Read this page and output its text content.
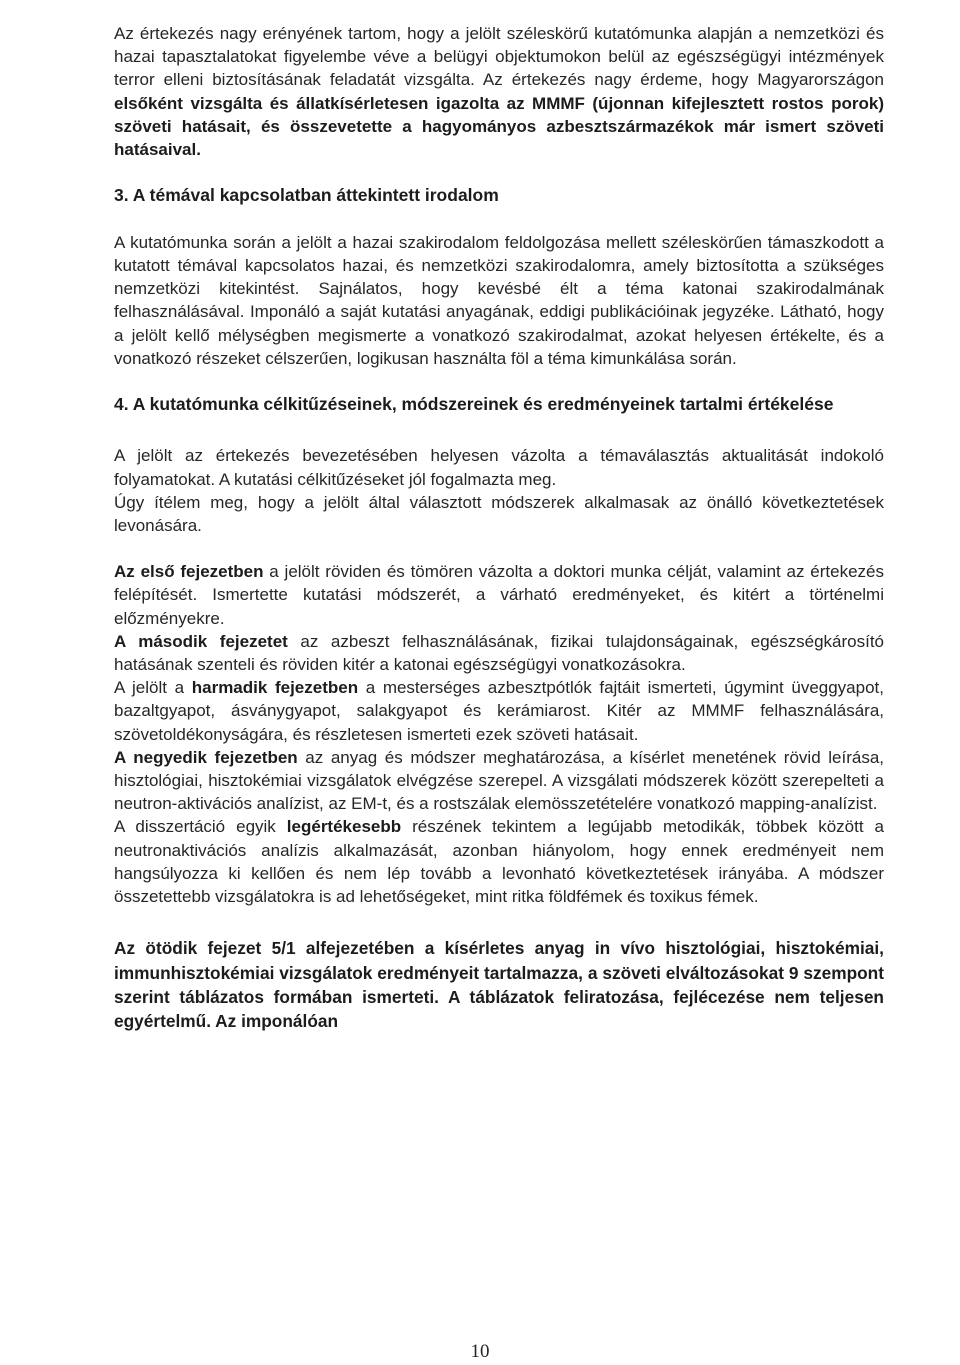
Az értekezés nagy erényének tartom, hogy a jelölt széleskörű kutatómunka alapján a nemzetközi és hazai tapasztalatokat figyelembe véve a belügyi objektumokon belül az egészségügyi intézmények terror elleni biztosításának feladatát vizsgálta. Az értekezés nagy érdeme, hogy Magyarországon elsőként vizsgálta és állatkísérletesen igazolta az MMMF (újonnan kifejlesztett rostos porok) szöveti hatásait, és összevetette a hagyományos azbesztszármazékok már ismert szöveti hatásaival.

3. A témával kapcsolatban áttekintett irodalom

A kutatómunka során a jelölt a hazai szakirodalom feldolgozása mellett széleskörűen támaszkodott a kutatott témával kapcsolatos hazai, és nemzetközi szakirodalomra, amely biztosította a szükséges nemzetközi kitekintést. Sajnálatos, hogy kevésbé élt a téma katonai szakirodalmának felhasználásával. Imponáló a saját kutatási anyagának, eddigi publikációinak jegyzéke. Látható, hogy a jelölt kellő mélységben megismerte a vonatkozó szakirodalmat, azokat helyesen értékelte, és a vonatkozó részeket célszerűen, logikusan használta föl a téma kimunkálása során.

4. A kutatómunka célkitűzéseinek, módszereinek és eredményeinek tartalmi értékelése

A jelölt az értekezés bevezetésében helyesen vázolta a témaválasztás aktualitását indokoló folyamatokat. A kutatási célkitűzéseket jól fogalmazta meg.

Úgy ítélem meg, hogy a jelölt által választott módszerek alkalmasak az önálló következtetések levonására.

Az első fejezetben a jelölt röviden és tömören vázolta a doktori munka célját, valamint az értekezés felépítését. Ismertette kutatási módszerét, a várható eredményeket, és kitért a történelmi előzményekre.

A második fejezetet az azbeszt felhasználásának, fizikai tulajdonságainak, egészségkárosító hatásának szenteli és röviden kitér a katonai egészségügyi vonatkozásokra.

A jelölt a harmadik fejezetben a mesterséges azbesztpótlók fajtáit ismerteti, úgymint üveggyapot, bazaltgyapot, ásványgyapot, salakgyapot és kerámiarost. Kitér az MMMF felhasználására, szövetoldékonyságára, és részletesen ismerteti ezek szöveti hatásait.

A negyedik fejezetben az anyag és módszer meghatározása, a kísérlet menetének rövid leírása, hisztológiai, hisztokémiai vizsgálatok elvégzése szerepel. A vizsgálati módszerek között szerepelteti a neutron-aktivációs analízist, az EM-t, és a rostszálak elemösszetételére vonatkozó mapping-analízist.

A disszertáció egyik legértékesebb részének tekintem a legújabb metodikák, többek között a neutronaktivációs analízis alkalmazását, azonban hiányolom, hogy ennek eredményeit nem hangsúlyozza ki kellően és nem lép tovább a levonható következtetések irányába. A módszer összetettebb vizsgálatokra is ad lehetőségeket, mint ritka földfémek és toxikus fémek.

Az ötödik fejezet 5/1 alfejezetében a kísérletes anyag in vívo hisztológiai, hisztokémiai, immunhisztokémiai vizsgálatok eredményeit tartalmazza, a szöveti elváltozásokat 9 szempont szerint táblázatos formában ismerteti. A táblázatok feliratozása, fejlécezése nem teljesen egyértelmű. Az imponálóan

10
